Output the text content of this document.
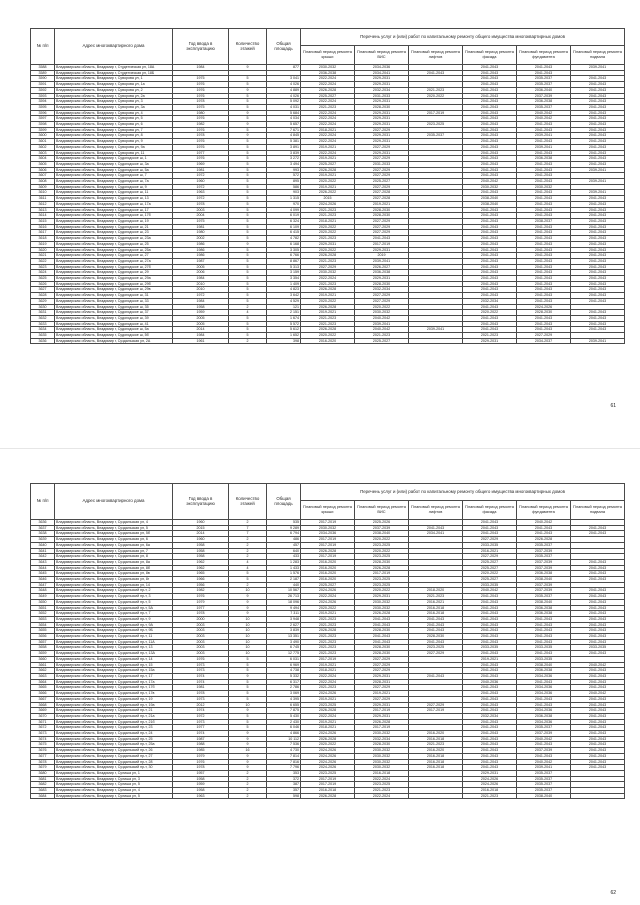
№ п/п	Адрес многоквартирного дома	Год ввода в эксплуатацию	Количество этажей	Общая площадь	Перечень услуг и (или) работ по капитальному ремонту общего имущества многоквартирных домов					
					Плановый период ремонта крыши	Плановый период ремонта ВИС	Плановый период ремонта лифтов	Плановый период ремонта фасада	Плановый период ремонта фундамента	Плановый период ремонта подвала
3588	Владимирская область, Владимир г, Студенческая ул, 18А	1984	9	877	2030-2032	2034-2036		2041-2043	2041-2043	2039-2041
3589	Владимирская область, Владимир г, Студенческая ул, 18Б				2036-2038	2034-2041	2041-2043	2041-2043	2041-2043	
3590	Владимирская область, Владимир г, Суворова ул, 1	1975	5	3 041	2022-2024	2029-2031		2041-2043	2035-2037	2041-2043
3591	Владимирская область, Владимир г, Суворова ул, 1а	1976	5	4 026	2022-2024	2029-2031		2041-2043	2035-2037	2041-2043
3592	Владимирская область, Владимир г, Суворова ул, 2	1976	9	4 889	2026-2028	2032-2034	2021-2023	2041-2043	2036-2040	2041-2043
3593	Владимирская область, Владимир г, Суворова ул, 2а	1976	5	4 026	2025-2027	2031-2033	2020-2022	2041-2043	2037-2039	2041-2043
3594	Владимирская область, Владимир г, Суворова ул, 3	1978	5	5 092	2022-2024	2029-2031		2041-2043	2036-2038	2041-2043
3595	Владимирская область, Владимир г, Суворова ул, 3а	1975	5	4 031	2021-2023	2028-2030		2041-2043	2035-2037	2041-2043
3596	Владимирская область, Владимир г, Суворова ул, 4	1980	9	5 684	2022-2024	2029-2031	2017-2019	2041-2043	2040-2042	2041-2043
3597	Владимирская область, Владимир г, Суворова ул, 5	1976	5	4 034	2022-2024	2029-2031		2041-2043	2040-2042	2041-2043
3598	Владимирская область, Владимир г, Суворова ул, 6	1982	9	5 657	2022-2024	2029-2031	2023-2025	2041-2043	2041-2043	2041-2043
3599	Владимирская область, Владимир г, Суворова ул, 7	1976	5	7 671	2018-2021	2027-2029		2041-2043	2041-2043	2041-2043
3600	Владимирская область, Владимир г, Суворова ул, 8	1978	9	4 845	2022-2024	2029-2031	2035-2037	2041-2043	2039-2041	2041-2043
3601	Владимирская область, Владимир г, Суворова ул, 9	1976	5	5 381	2022-2024	2029-2031		2041-2043	2041-2043	2041-2043
3602	Владимирская область, Владимир г, Суворова ул, 9а	1976	5	3 891	2019-2021	2027-2029		2041-2043	2039-2041	2041-2043
3603	Владимирская область, Владимир г, Суворова ул, 11	1977	5	3 839	2022-2024	2029-2031		2041-2043	2041-2043	2041-2043
3604	Владимирская область, Владимир г, Судогодское ш, 1	1976	5	3 272	2019-2021	2027-2029		2041-2043	2036-2038	2041-2043
3605	Владимирская область, Владимир г, Судогодское ш, 3а	1969	5	3 494	2025-2027	2031-2033		2041-2043	2041-2043	2041-2043
3606	Владимирская область, Владимир г, Судогодское ш, 5а	1981	5	993	2026-2028	2027-2029		2041-2043	2041-2043	2039-2041
3607	Владимирская область, Владимир г, Судогодское ш, 7	1972	5	572	2019-2021	2027-2029		2041-2043	2041-2043	
3608	Владимирская область, Владимир г, Судогодское ш, 7а	1960	5	895	2020-2022	2025-2027		2040-2042	2041-2043	2039-2041
3609	Владимирская область, Владимир г, Судогодское ш, 9	1972	5	586	2019-2021	2027-2029		2030-2032	2030-2032	
3610	Владимирская область, Владимир г, Судогодское ш, 11	1963	5	903	2026-2022	2027-2028		2041-2043	2041-2043	2039-2041
3611	Владимирская область, Владимир г, Судогодское ш, 13	1972	5	1 315	2015	2027-2028		2038-2040	2041-2043	2041-2043
3612	Владимирская область, Владимир г, Судогодское ш, 17а	1978	5	970	2024-2026	2019-2021		2038-2040	2041-2043	2041-2043
3613	Владимирская область, Владимир г, Судогодское ш, 17	2003	5	4 099	2021-2023	2028-2030		2041-2043	2041-2043	2041-2043
3614	Владимирская область, Владимир г, Судогодское ш, 17б	2004	5	6 019	2021-2023	2028-2030		2041-2043	2041-2043	2041-2043
3615	Владимирская область, Владимир г, Судогодское ш, 19	1975	5	6 324	2018-2021	2027-2029		2041-2043	2038-2037	2041-2043
3616	Владимирская область, Владимир г, Судогодское ш, 21	1981	5	6 109	2020-2022	2027-2029		2041-2043	2041-2043	2041-2043
3617	Владимирская область, Владимир г, Судогодское ш, 23	1980	5	6 415	2020-2022	2027-2029		2041-2043	2041-2043	2041-2043
3618	Владимирская область, Владимир г, Судогодское ш, 23а	2002	5	4 782	2021-2023	2041-2043		2041-2043	2041-2043	2041-2043
3619	Владимирская область, Владимир г, Судогодское ш, 25	1986	9	6 168	2029-2031	2017-2019		2041-2043	2041-2043	2041-2043
3620	Владимирская область, Владимир г, Судогодское ш, 25а	1986	5	3 305	2020-2022	2029-2031		2041-2043	2041-2043	2041-2043
3621	Владимирская область, Владимир г, Судогодское ш, 27	1986	5	6 766	2026-2028	2019		2041-2043	2041-2043	2041-2043
3622	Владимирская область, Владимир г, Судогодское ш, 27а	1987	5	8 867	2021-2023	2039-2041		2041-2043	2041-2043	2041-2043
3623	Владимирская область, Владимир г, Судогодское ш, 27б	2005	5	5 313	2027-2029	2026-2027		2041-2043	2041-2043	2041-2043
3624	Владимирская область, Владимир г, Судогодское ш, 29	2006	5	3 159	2030-2032	2036-2038		2041-2043	2041-2043	2041-2043
3625	Владимирская область, Владимир г, Судогодское ш, 29а	1984	5	3 354	2022-2024	2029-2031		2041-2043	2041-2043	2041-2043
3626	Владимирская область, Владимир г, Судогодское ш, 29б	2010	5	1 409	2021-2023	2028-2030		2041-2043	2041-2043	2041-2043
3627	Владимирская область, Владимир г, Судогодское ш, 29в	2010	5	4 823	2026-2028	2032-2034		2041-2043	2041-2043	2041-2043
3628	Владимирская область, Владимир г, Судогодское ш, 31	1972	5	3 642	2019-2021	2027-2029		2041-2043	2041-2043	2041-2043
3629	Владимирская область, Владимир г, Судогодское ш, 33	1984	5	4 529	2020-2022	2027-2029		2032-2034	2041-2043	2041-2043
3630	Владимирская область, Владимир г, Судогодское ш, 35	1958	2	121	2026-2028	2020-2022		2041-2043	2024-2026	
3631	Владимирская область, Владимир г, Судогодское ш, 37	1959	4	2 151	2019-2021	2030-2032		2020-2022	2028-2030	2041-2043
3632	Владимирская область, Владимир г, Судогодское ш, 39	2005	5	1 674	2021-2023	2040-2042		2041-2043	2041-2043	2041-2043
3633	Владимирская область, Владимир г, Судогодское ш, 41	2005	5	5 572	2021-2023	2039-2041		2041-2043	2041-2043	2041-2043
3634	Владимирская область, Владимир г, Судогодское ш, 5а	2014	5	5 612	2026-2028	2040-2042	2039-2041	2041-2043	2041-2043	2041-2043
3635	Владимирская область, Владимир г, Судогодское ш, 5б	1984	5	1 652	2020-2022	2021-2023		2021-2023	2027-2029	
3636	Владимирская область, Владимир г, Суздальская ул, 2А	1961	2	398	2016-2020	2025-2027		2029-2031	2034-2037	2039-2041
61
№ п/п	Адрес многоквартирного дома	Год ввода в эксплуатацию	Количество этажей	Общая площадь	Перечень услуг и (или) работ по капитальному ремонту общего имущества многоквартирных домов					
					Плановый период ремонта крыши	Плановый период ремонта ВИС	Плановый период ремонта лифтов	Плановый период ремонта фасада	Плановый период ремонта фундамента	Плановый период ремонта подвала
3636	Владимирская область, Владимир г, Суздальская ул, 4	1960	2	535	2017-2019	2025-2026		2041-2043	2040-2042	
3637	Владимирская область, Владимир г, Суздальская ул, 5	2015	7	9 289	2030-2032	2037-2039	2041-2043	2041-2043	2041-2043	2041-2043
3638	Владимирская область, Владимир г, Суздальская ул, 5б	2014	7	6 794	2034-2036	2038-2040	2034-2041	2041-2043	2041-2043	2041-2043
3639	Владимирская область, Владимир г, Суздальская ул, 6	1960	2	486	2017-2019	2020-2022		2027-2029	2026-2028	
3640	Владимирская область, Владимир г, Суздальская ул, 6а	1958	2	457	2017-2019	2023-2025		2033-2035	2035-2037	
3641	Владимирская область, Владимир г, Суздальская ул, 7	1958	2	640	2026-2028	2020-2022		2016-2021	2037-2039	
3642	Владимирская область, Владимир г, Суздальская ул, 8	1958	2	433	2017-2019	2023-2025		2027-2029	2035-2037	
3643	Владимирская область, Владимир г, Суздальская ул, 8а	1962	4	1 283	2016-2020	2028-2030		2025-2027	2037-2039	2041-2043
3644	Владимирская область, Владимир г, Суздальская ул, 8б	1962	4	1 433	2016-2020	2026-2028		2025-2027	2037-2039	2041-2043
3645	Владимирская область, Владимир г, Суздальская ул, 8в	1965	5	1 576	2016-2020	2017-2019		2020-2022	2036-2038	2041-2043
3646	Владимирская область, Владимир г, Суздальская ул, 8г	1966	5	2 187	2016-2020	2023-2025		2025-2027	2038-2040	2041-2043
3647	Владимирская область, Владимир г, Суздальская ул, 14	1956	2	440	2025-2027	2023-2025		2033-2035	2037-2039	
3648	Владимирская область, Владимир г, Суздальский пр-т, 2	1982	10	10 567	2024-2026	2020-2022	2018-2020	2040-2042	2037-2039	2041-2043
3649	Владимирская область, Владимир г, Суздальский пр-т, 3	1976	9	26 713	2022-2024	2029-2031	2021-2023	2041-2043	2035-2037	2041-2043
3650	Владимирская область, Владимир г, Суздальский пр-т, 5	1979	9	18 096	2024-2026	2030-2032	2016-2021	2041-2043	2038-2040	2041-2043
3651	Владимирская область, Владимир г, Суздальский пр-т, 5А	1977	9	9 494	2020-2022	2030-2032	2016-2018	2041-2043	2036-2038	2041-2043
3652	Владимирская область, Владимир г, Суздальский пр-т, 7	1978	9	7 311	2019-2021	2026-2028	2016-2018	2041-2043	2036-2038	2041-2043
3653	Владимирская область, Владимир г, Суздальский пр-т, 9	2000	10	3 948	2021-2023	2041-2043	2041-2043	2041-2043	2041-2043	2041-2043
3654	Владимирская область, Владимир г, Суздальский пр-т, 9А	2003	10	2 627	2021-2023	2041-2043	2041-2043	2041-2043	2041-2043	2041-2043
3655	Владимирская область, Владимир г, Суздальский пр-т, 9Б	2003	10	3 839	2026-2028	2028-2030	2041-2043	2041-2043	2041-2043	2041-2043
3656	Владимирская область, Владимир г, Суздальский пр-т, 11	2003	10	13 351	2021-2023	2041-2043	2028-2030	2041-2043	2041-2043	2041-2043
3657	Владимирская область, Владимир г, Суздальский пр-т, 11А	2003	10	3 490	2021-2023	2041-2043	2041-2043	2041-2043	2041-2043	2041-2043
3658	Владимирская область, Владимир г, Суздальский пр-т, 13	2003	10	6 745	2021-2023	2028-2030	2023-2025	2033-2035	2033-2035	2033-2035
3659	Владимирская область, Владимир г, Суздальский пр-т, 13А	2003	10	12 775	2021-2023	2028-2030	2027-2029	2041-2043	2041-2043	2041-2043
3660	Владимирская область, Владимир г, Суздальский пр-т, 14	1976	5	6 031	2017-2019	2027-2029		2019-2021	2033-2035	
3661	Владимирская область, Владимир г, Суздальский пр-т, 15	1973	5	6 969	2019-2021	2027-2029		2041-2043	2038-2040	2040-2042
3662	Владимирская область, Владимир г, Суздальский пр-т, 15а	1973	5	4 738	2018-2021	2027-2029		2041-2043	2036-2038	2041-2043
3663	Владимирская область, Владимир г, Суздальский пр-т, 17	1974	9	5 332	2022-2024	2029-2031	2041-2043	2041-2043	2034-2036	2041-2043
3664	Владимирская область, Владимир г, Суздальский пр-т, 17а	1974	5	6 317	2022-2024	2028-2031		2040-2036	2041-2043	2041-2043
3665	Владимирская область, Владимир г, Суздальский пр-т, 17б	1981	5	2 786	2021-2023	2027-2029		2041-2043	2034-2036	2041-2043
3666	Владимирская область, Владимир г, Суздальский пр-т, 17в	1978	5	3 069	2024-2026	2019-2021		2041-2043	2034-2036	2040-2042
3667	Владимирская область, Владимир г, Суздальский пр-т, 19	1973	5	4 395	2019-2021	2027-2029		2041-2043	2041-2043	2041-2043
3668	Владимирская область, Владимир г, Суздальский пр-т, 19а	2012	10	6 655	2023-2025	2029-2031	2027-2029	2041-2043	2041-2043	2041-2043
3669	Владимирская область, Владимир г, Суздальский пр-т, 21	1974	9	7 875	2026-2028	2017-2019	2017-2019	2041-2043	2034-2036	2041-2043
3670	Владимирская область, Владимир г, Суздальский пр-т, 21а	1972	5	5 430	2022-2024	2029-2031		2032-2034	2036-2038	2041-2043
3671	Владимирская область, Владимир г, Суздальский пр-т, 21б	1973	5	2 430	2019-2021	2026-2028		2041-2043	2034-2036	2041-2043
3672	Владимирская область, Владимир г, Суздальский пр-т, 23	1977	5	6 046	2018-2021	2017-2019		2041-2043	2035-2037	2041-2043
3673	Владимирская область, Владимир г, Суздальский пр-т, 24	1974	9	4 866	2024-2026	2030-2032	2016-2020	2041-2043	2037-2039	2041-2043
3674	Владимирская область, Владимир г, Суздальский пр-т, 25	1987	9	10 112	2026-2028	2032-2034	2016-2018	2041-2043	2040-2042	2041-2043
3675	Владимирская область, Владимир г, Суздальский пр-т, 25а	1988	9	7 536	2020-2022	2028-2030	2021-2023	2041-2043	2041-2043	2041-2043
3676	Владимирская область, Владимир г, Суздальский пр-т, 26	1985	16	4 730	2024-2026	2030-2032	2016-2020	2041-2043	2037-2039	2041-2043
3677	Владимирская область, Владимир г, Суздальский пр-т, 27	1979	9	7 814	2024-2026	2030-2032	2016-2018	2041-2043	2041-2043	2041-2043
3678	Владимирская область, Владимир г, Суздальский пр-т, 28	1976	9	7 816	2024-2026	2030-2032	2016-2018	2041-2043	2040-2042	2041-2043
3679	Владимирская область, Владимир г, Суздальский пр-т, 30	1978	9	7 796	2024-2026	2030-2032	2016-2018	2041-2043	2039-2041	2041-2043
3680	Владимирская область, Владимир г, Сулиша ул, 1	1957	2	353	2023-2025	2016-2018		2029-2031	2035-2037	
3681	Владимирская область, Владимир г, Сулиша ул, 3	1958	2	372	2017-2019	2022-2024		2024-2026	2035-2037	
3682	Владимирская область, Владимир г, Сулиша ул, 5	1959	2	387	2017-2019	2023-2025		2024-2026	2035-2037	
3683	Владимирская область, Владимир г, Сулиша ул, 4	1958	2	357	2016-2018	2021-2023		2016-2018	2035-2037	
3684	Владимирская область, Владимир г, Сулиша ул, 5	1963	2	598	2026-2028	2022-2024		2021-2023	2038-2040	
62
